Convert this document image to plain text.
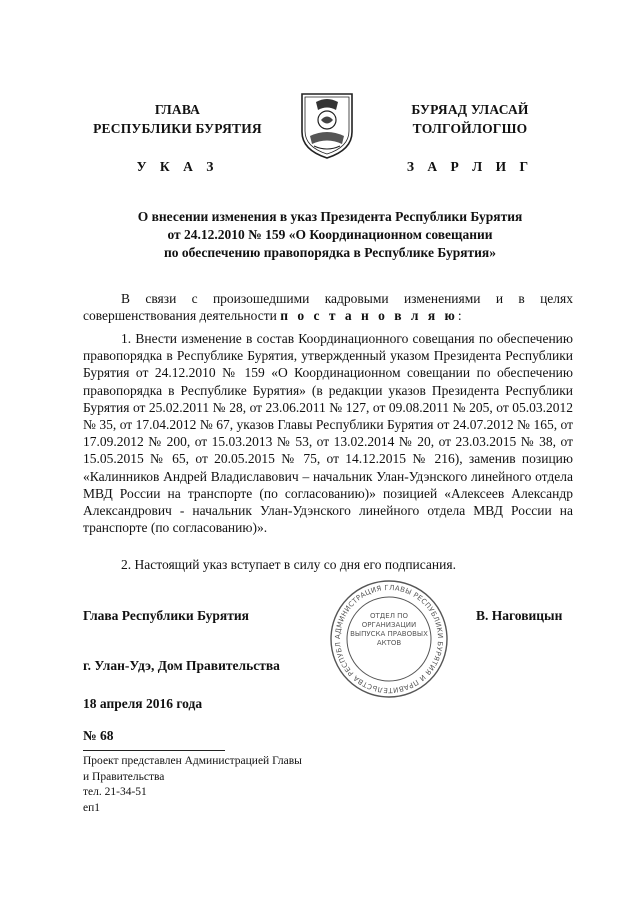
ГЛАВА
РЕСПУБЛИКИ БУРЯТИЯ
У К А З
БУРЯАД УЛАСАЙ
ТОЛГОЙЛОГШО
З А Р Л И Г
О внесении изменения в указ Президента Республики Бурятия
от 24.12.2010 № 159 «О Координационном совещании
по обеспечению правопорядка в Республике Бурятия»
В связи с произошедшими кадровыми изменениями и в целях совершенствования деятельности п о с т а н о в л я ю:
1. Внести изменение в состав Координационного совещания по обеспечению правопорядка в Республике Бурятия, утвержденный указом Президента Республики Бурятия от 24.12.2010 № 159 «О Координационном совещании по обеспечению правопорядка в Республике Бурятия» (в редакции указов Президента Республики Бурятия от 25.02.2011 № 28, от 23.06.2011 № 127, от 09.08.2011 № 205, от 05.03.2012 № 35, от 17.04.2012 № 67, указов Главы Республики Бурятия от 24.07.2012 № 165, от 17.09.2012 № 200, от 15.03.2013 № 53, от 13.02.2014 № 20, от 23.03.2015 № 38, от 15.05.2015 № 65, от 20.05.2015 № 75, от 14.12.2015 № 216), заменив позицию «Калинников Андрей Владиславович – начальник Улан-Удэнского линейного отдела МВД России на транспорте (по согласованию)» позицией «Алексеев Александр Александрович - начальник Улан-Удэнского линейного отдела МВД России на транспорте (по согласованию)».
2. Настоящий указ вступает в силу со дня его подписания.
АДМИНИСТРАЦИЯ ГЛАВЫ РЕСПУБЛИКИ БУРЯТИЯ И ПРАВИТЕЛЬСТВА РЕСПУБЛ
ОТДЕЛ ПО ОРГАНИЗАЦИИ ВЫПУСКА ПРАВОВЫХ АКТОВ
Глава Республики Бурятия	В. Наговицын
г. Улан-Удэ, Дом Правительства
18 апреля 2016 года
№ 68
Проект представлен Администрацией Главы
и Правительства
тел. 21-34-51
еп1
